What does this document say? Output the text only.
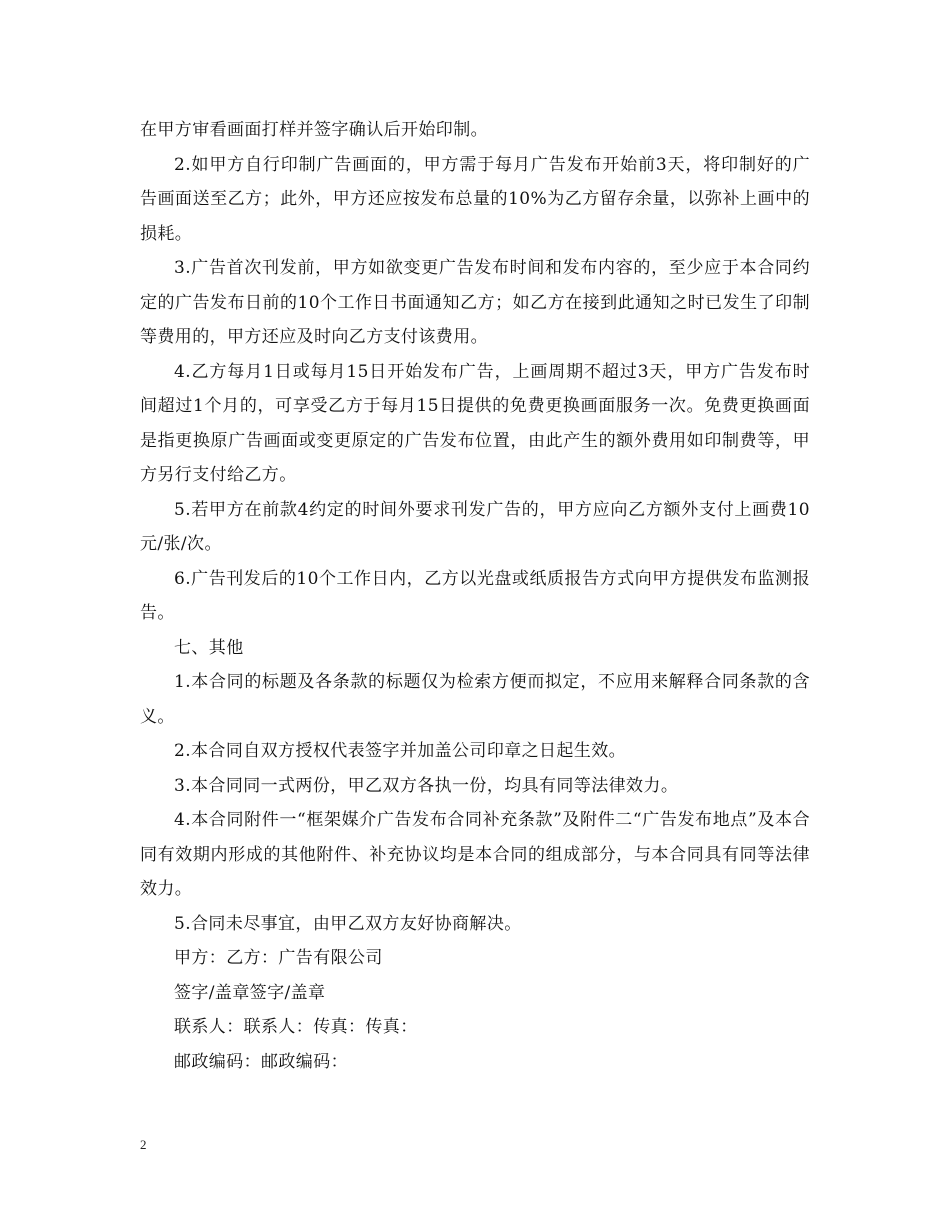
在甲方审看画面打样并签字确认后开始印制。

2.如甲方自行印制广告画面的，甲方需于每月广告发布开始前3天，将印制好的广告画面送至乙方；此外，甲方还应按发布总量的10%为乙方留存余量，以弥补上画中的损耗。

3.广告首次刊发前，甲方如欲变更广告发布时间和发布内容的，至少应于本合同约定的广告发布日前的10个工作日书面通知乙方；如乙方在接到此通知之时已发生了印制等费用的，甲方还应及时向乙方支付该费用。

4.乙方每月1日或每月15日开始发布广告，上画周期不超过3天，甲方广告发布时间超过1个月的，可享受乙方于每月15日提供的免费更换画面服务一次。免费更换画面是指更换原广告画面或变更原定的广告发布位置，由此产生的额外费用如印制费等，甲方另行支付给乙方。

5.若甲方在前款4约定的时间外要求刊发广告的，甲方应向乙方额外支付上画费10元/张/次。

6.广告刊发后的10个工作日内，乙方以光盘或纸质报告方式向甲方提供发布监测报告。

七、其他

1.本合同的标题及各条款的标题仅为检索方便而拟定，不应用来解释合同条款的含义。

2.本合同自双方授权代表签字并加盖公司印章之日起生效。

3.本合同同一式两份，甲乙双方各执一份，均具有同等法律效力。

4.本合同附件一“框架媒介广告发布合同补充条款”及附件二“广告发布地点”及本合同有效期内形成的其他附件、补充协议均是本合同的组成部分，与本合同具有同等法律效力。

5.合同未尽事宜，由甲乙双方友好协商解决。

甲方：乙方：广告有限公司

签字/盖章签字/盖章

联系人：联系人：传真：传真：

邮政编码：邮政编码：

2
